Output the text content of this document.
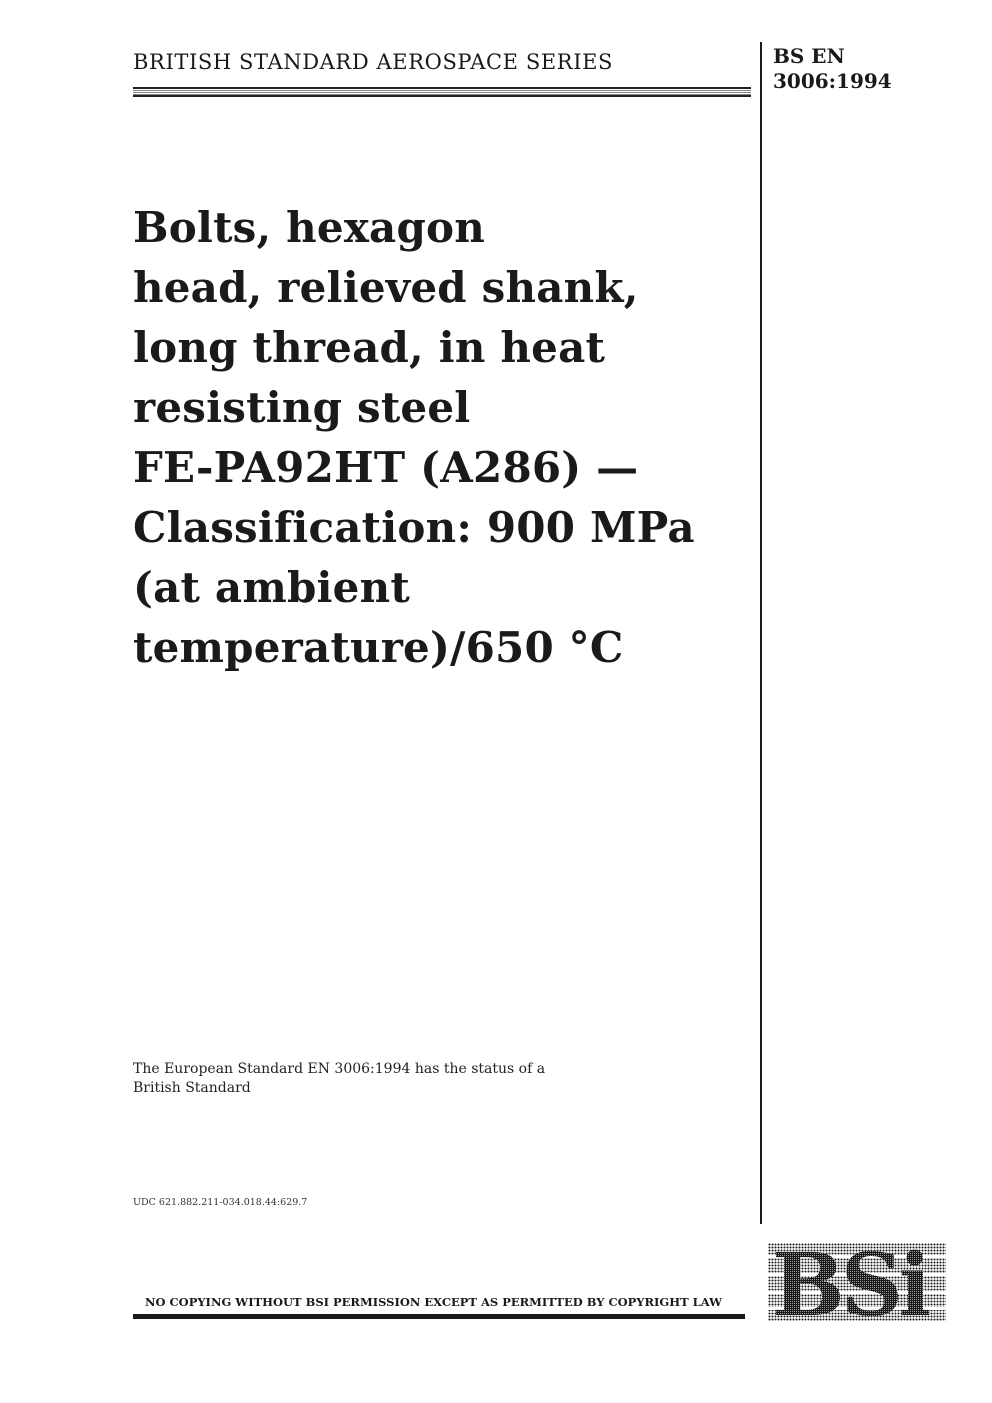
BRITISH STANDARD AEROSPACE SERIES	BS EN
3006:1994
Bolts, hexagon
head, relieved shank,
long thread, in heat
resisting steel
FE-PA92HT (A286) —
Classification: 900 MPa
(at ambient
temperature)/650 °C
The European Standard EN 3006:1994 has the status of a
British Standard
UDC 621.882.211-034.018.44:629.7
NO COPYING WITHOUT BSI PERMISSION EXCEPT AS PERMITTED BY COPYRIGHT LAW BSi
